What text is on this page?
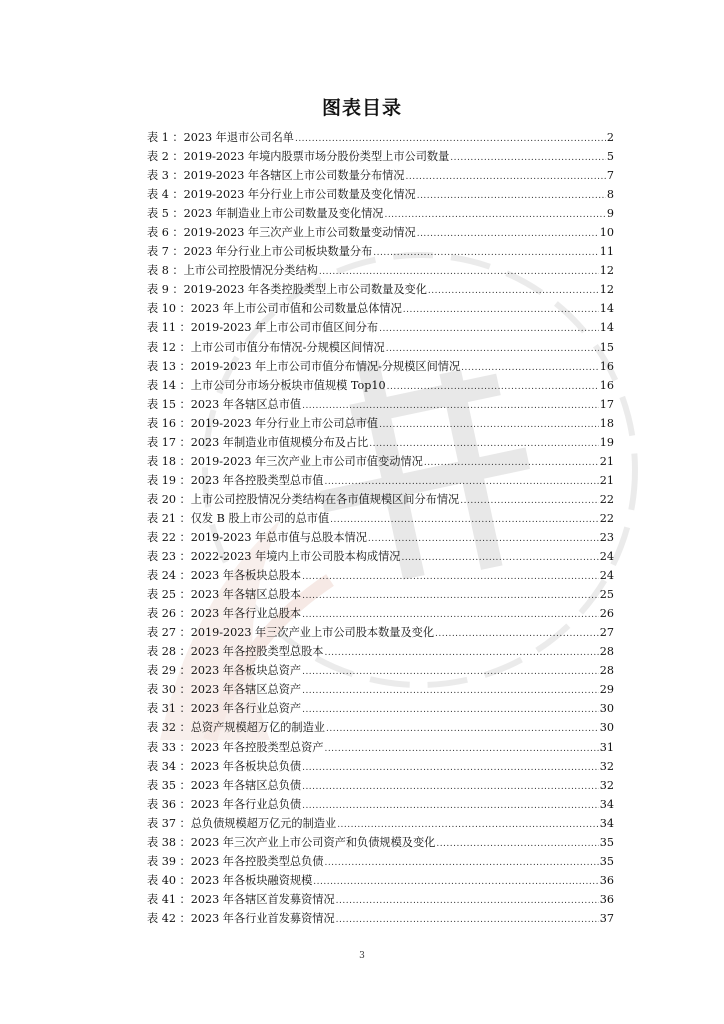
图表目录
表 1 ： 2023 年退市公司名单 .....	2
表 2 ： 2019-2023 年境内股票市场分股份类型上市公司数量 .....	5
表 3 ： 2019-2023 年各辖区上市公司数量分布情况 .....	7
表 4 ： 2019-2023 年分行业上市公司数量及变化情况 .....	8
表 5 ： 2023 年制造业上市公司数量及变化情况 .....	9
表 6 ： 2019-2023 年三次产业上市公司数量变动情况 .....	10
表 7 ： 2023 年分行业上市公司板块数量分布 .....	11
表 8 ： 上市公司控股情况分类结构 .....	12
表 9 ： 2019-2023 年各类控股类型上市公司数量及变化 .....	12
表 10 ： 2023 年上市公司市值和公司数量总体情况 .....	14
表 11 ： 2019-2023 年上市公司市值区间分布 .....	14
表 12 ： 上市公司市值分布情况-分规模区间情况 .....	15
表 13 ： 2019-2023 年上市公司市值分布情况-分规模区间情况 .....	16
表 14 ： 上市公司分市场分板块市值规模 Top10 .....	16
表 15 ： 2023 年各辖区总市值 .....	17
表 16 ： 2019-2023 年分行业上市公司总市值 .....	18
表 17 ： 2023 年制造业市值规模分布及占比 .....	19
表 18 ： 2019-2023 年三次产业上市公司市值变动情况 .....	21
表 19 ： 2023 年各控股类型总市值 .....	21
表 20 ： 上市公司控股情况分类结构在各市值规模区间分布情况 .....	22
表 21 ： 仅发 B 股上市公司的总市值 .....	22
表 22 ： 2019-2023 年总市值与总股本情况 .....	23
表 23 ： 2022-2023 年境内上市公司股本构成情况 .....	24
表 24 ： 2023 年各板块总股本 .....	24
表 25 ： 2023 年各辖区总股本 .....	25
表 26 ： 2023 年各行业总股本 .....	26
表 27 ： 2019-2023 年三次产业上市公司股本数量及变化 .....	27
表 28 ： 2023 年各控股类型总股本 .....	28
表 29 ： 2023 年各板块总资产 .....	28
表 30 ： 2023 年各辖区总资产 .....	29
表 31 ： 2023 年各行业总资产 .....	30
表 32 ： 总资产规模超万亿的制造业 .....	30
表 33 ： 2023 年各控股类型总资产 .....	31
表 34 ： 2023 年各板块总负债 .....	32
表 35 ： 2023 年各辖区总负债 .....	32
表 36 ： 2023 年各行业总负债 .....	34
表 37 ： 总负债规模超万亿元的制造业 .....	34
表 38 ： 2023 年三次产业上市公司资产和负债规模及变化 .....	35
表 39 ： 2023 年各控股类型总负债 .....	35
表 40 ： 2023 年各板块融资规模 .....	36
表 41 ： 2023 年各辖区首发募资情况 .....	36
表 42 ： 2023 年各行业首发募资情况 .....	37
3
